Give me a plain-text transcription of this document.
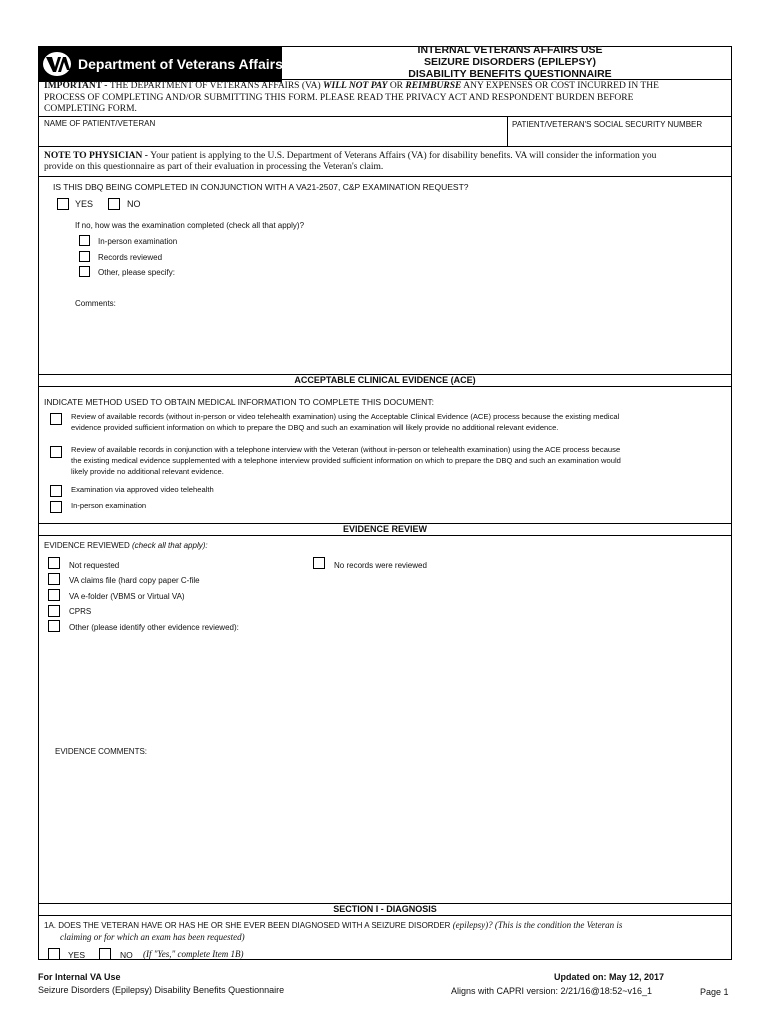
Department of Veterans Affairs
INTERNAL VETERANS AFFAIRS USE
SEIZURE DISORDERS (EPILEPSY)
DISABILITY BENEFITS QUESTIONNAIRE
IMPORTANT - THE DEPARTMENT OF VETERANS AFFAIRS (VA) WILL NOT PAY OR REIMBURSE ANY EXPENSES OR COST INCURRED IN THE
PROCESS OF COMPLETING AND/OR SUBMITTING THIS FORM. PLEASE READ THE PRIVACY ACT AND RESPONDENT BURDEN BEFORE
COMPLETING FORM.
NAME OF PATIENT/VETERAN	PATIENT/VETERAN'S SOCIAL SECURITY NUMBER
NOTE TO PHYSICIAN - Your patient is applying to the U.S. Department of Veterans Affairs (VA) for disability benefits. VA will consider the information you
provide on this questionnaire as part of their evaluation in processing the Veteran's claim.
IS THIS DBQ BEING COMPLETED IN CONJUNCTION WITH A VA21-2507, C&P EXAMINATION REQUEST?
YES	NO
If no, how was the examination completed (check all that apply)?
In-person examination
Records reviewed
Other, please specify:
Comments:
ACCEPTABLE CLINICAL EVIDENCE (ACE)
INDICATE METHOD USED TO OBTAIN MEDICAL INFORMATION TO COMPLETE THIS DOCUMENT:
Review of available records (without in-person or video telehealth examination) using the Acceptable Clinical Evidence (ACE) process because the existing medical
evidence provided sufficient information on which to prepare the DBQ and such an examination will likely provide no additional relevant evidence.
Review of available records in conjunction with a telephone interview with the Veteran (without in-person or telehealth examination) using the ACE process because
the existing medical evidence supplemented with a telephone interview provided sufficient information on which to prepare the DBQ and such an examination would
likely provide no additional relevant evidence.
Examination via approved video telehealth
In-person examination
EVIDENCE REVIEW
EVIDENCE REVIEWED (check all that apply):
Not requested	No records were reviewed
VA claims file (hard copy paper C-file
VA e-folder (VBMS or Virtual VA)
CPRS
Other (please identify other evidence reviewed):
EVIDENCE COMMENTS:
SECTION I - DIAGNOSIS
1A. DOES THE VETERAN HAVE OR HAS HE OR SHE EVER BEEN DIAGNOSED WITH A SEIZURE DISORDER (epilepsy)? (This is the condition the Veteran is
claiming or for which an exam has been requested)
YES	NO (If "Yes," complete Item 1B)
For Internal VA Use
Seizure Disorders (Epilepsy) Disability Benefits Questionnaire
Updated on: May 12, 2017
Aligns with CAPRI version: 2/21/16@18:52~v16_1	Page 1
